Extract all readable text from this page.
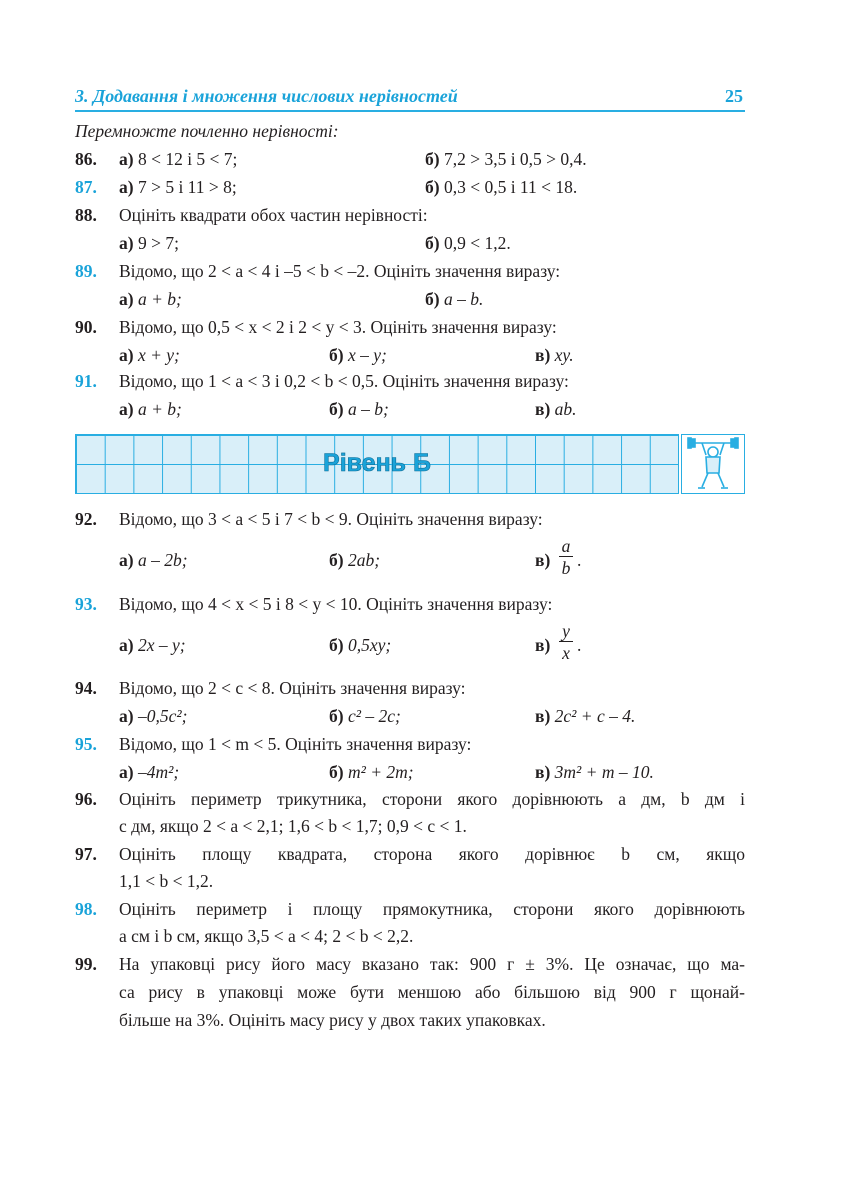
3. Додавання і множення числових нерівностей	25
Перемножте почленно нерівності:
86. а) 8 < 12 і 5 < 7;	б) 7,2 > 3,5 і 0,5 > 0,4.
87. а) 7 > 5 і 11 > 8;	б) 0,3 < 0,5 і 11 < 18.
88. Оцініть квадрати обох частин нерівності:
а) 9 > 7;	б) 0,9 < 1,2.
89. Відомо, що 2 < a < 4 і –5 < b < –2. Оцініть значення виразу:
а) a + b;	б) a – b.
90. Відомо, що 0,5 < x < 2 і 2 < y < 3. Оцініть значення виразу:
а) x + y;	б) x – y;	в) xy.
91. Відомо, що 1 < a < 3 і 0,2 < b < 0,5. Оцініть значення виразу:
а) a + b;	б) a – b;	в) ab.
Рівень Б
92. Відомо, що 3 < a < 5 і 7 < b < 9. Оцініть значення виразу:
а) a – 2b;	б) 2ab;	в)
a
b .
93. Відомо, що 4 < x < 5 і 8 < y < 10. Оцініть значення виразу:
а) 2x – y;	б) 0,5xy;	в)
y
x .
94. Відомо, що 2 < c < 8. Оцініть значення виразу:
а) –0,5c²;	б) c² – 2c;	в) 2c² + c – 4.
95. Відомо, що 1 < m < 5. Оцініть значення виразу:
а) –4m²;	б) m² + 2m;	в) 3m² + m – 10.
96. Оцініть периметр трикутника, сторони якого дорівнюють a дм, b дм і
c дм, якщо 2 < a < 2,1; 1,6 < b < 1,7; 0,9 < c < 1.
97. Оцініть площу квадрата, сторона якого дорівнює b см, якщо
1,1 < b < 1,2.
98. Оцініть периметр і площу прямокутника, сторони якого дорівнюють
a см і b см, якщо 3,5 < a < 4; 2 < b < 2,2.
99. На упаковці рису його масу вказано так: 900 г ± 3%. Це означає, що ма-
са рису в упаковці може бути меншою або більшою від 900 г щонай-
більше на 3%. Оцініть масу рису у двох таких упаковках.
